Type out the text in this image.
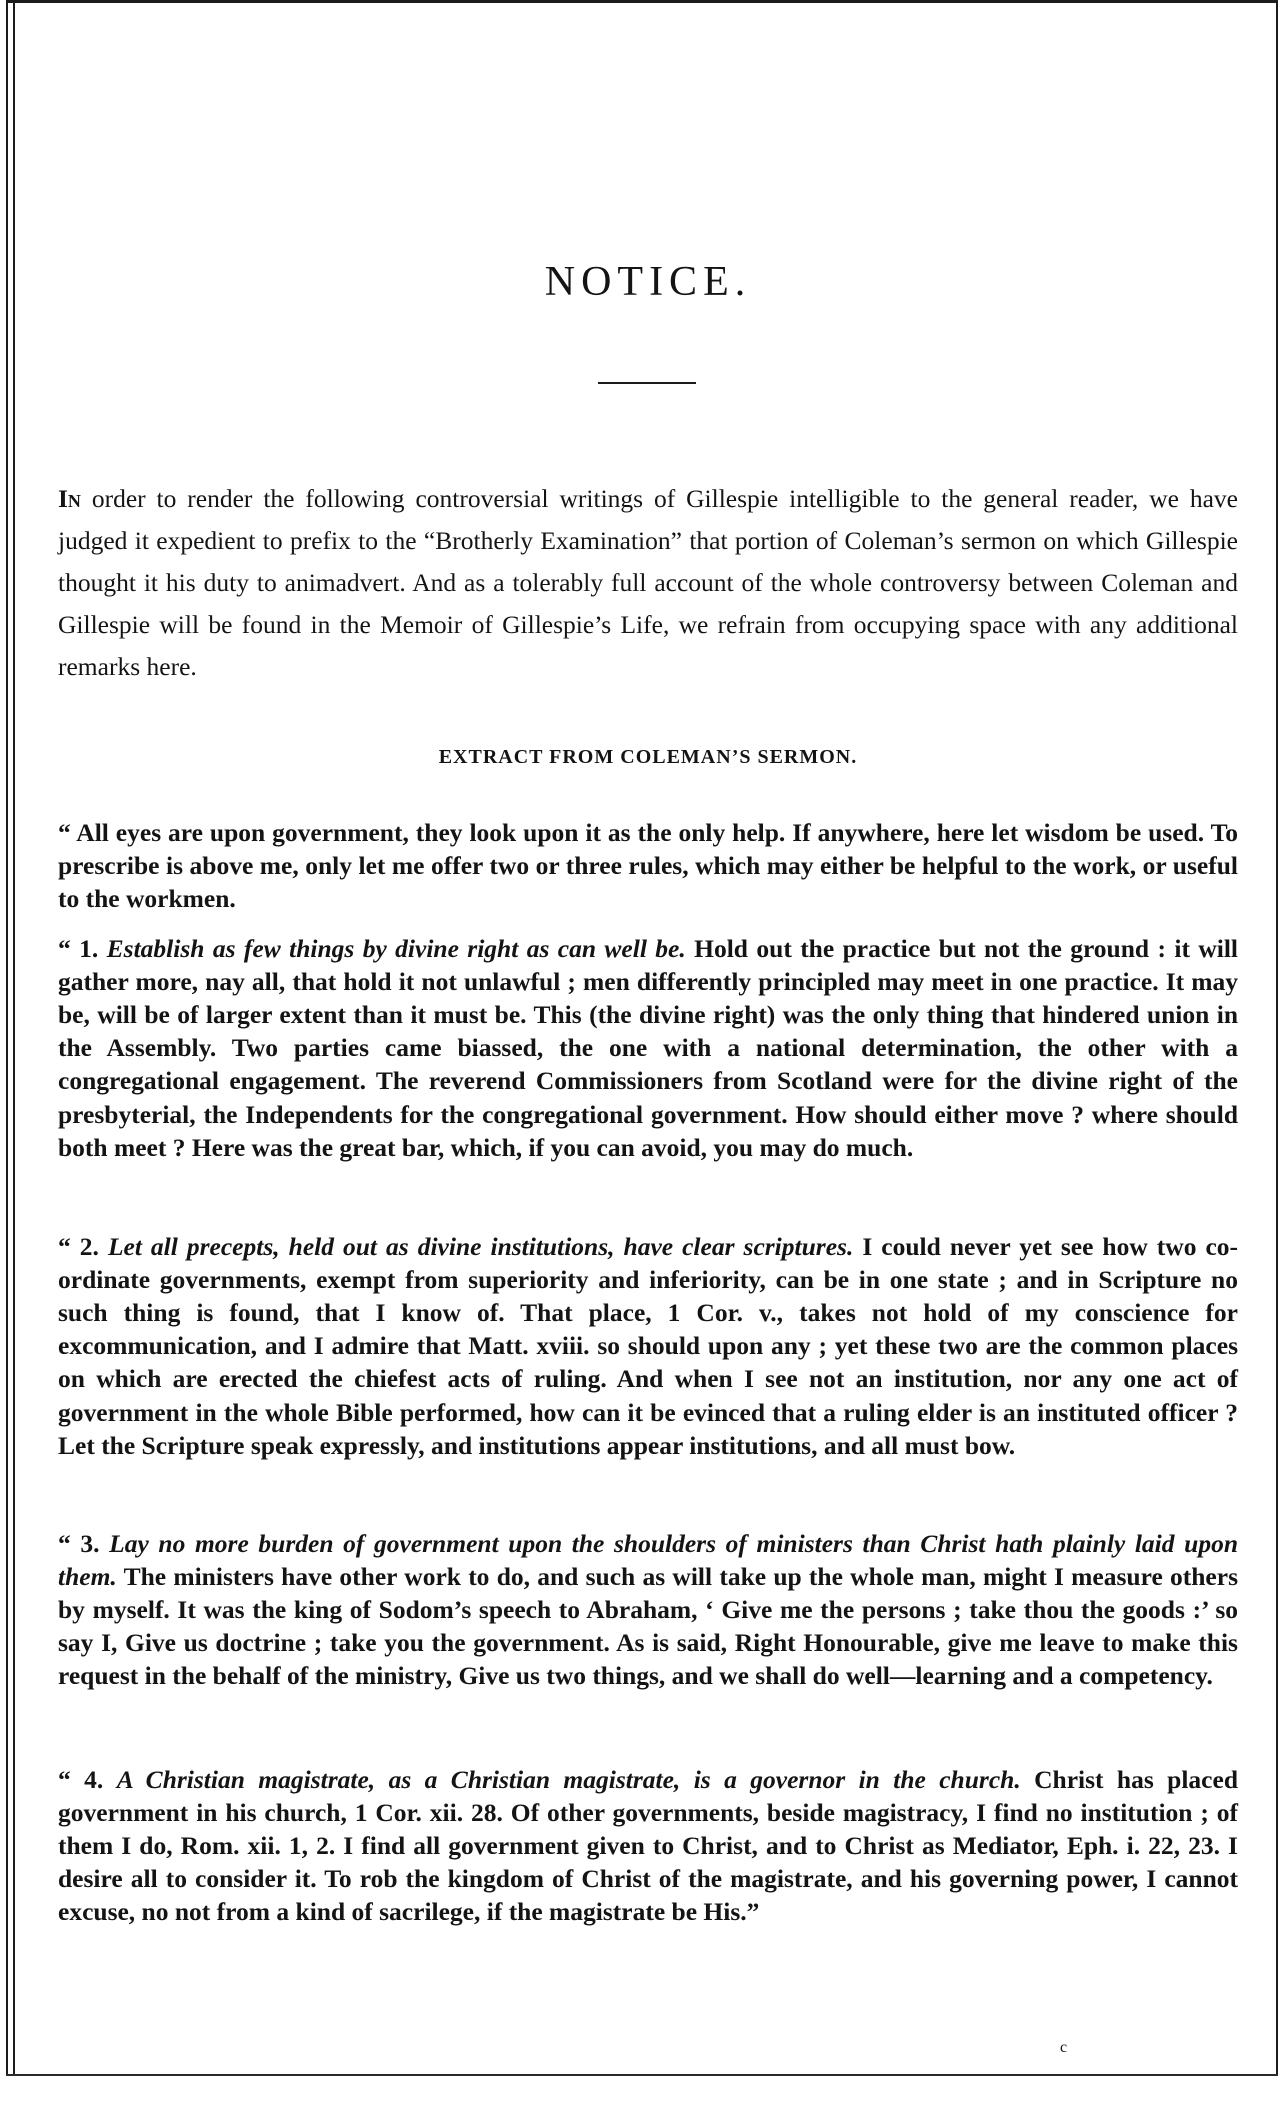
NOTICE.

In order to render the following controversial writings of Gillespie intelligible to the general reader, we have judged it expedient to prefix to the “Brotherly Examination” that portion of Coleman’s sermon on which Gillespie thought it his duty to animadvert. And as a tolerably full account of the whole controversy between Coleman and Gillespie will be found in the Memoir of Gillespie’s Life, we refrain from occupying space with any additional remarks here.

EXTRACT FROM COLEMAN’S SERMON.

“ All eyes are upon government, they look upon it as the only help. If anywhere, here let wisdom be used. To prescribe is above me, only let me offer two or three rules, which may either be helpful to the work, or useful to the workmen.

“ 1. Establish as few things by divine right as can well be. Hold out the practice but not the ground : it will gather more, nay all, that hold it not unlawful ; men differently principled may meet in one practice. It may be, will be of larger extent than it must be. This (the divine right) was the only thing that hindered union in the Assembly. Two parties came biassed, the one with a national determination, the other with a congregational engagement. The reverend Commissioners from Scotland were for the divine right of the presbyterial, the Independents for the congregational government. How should either move ? where should both meet ? Here was the great bar, which, if you can avoid, you may do much.

“ 2. Let all precepts, held out as divine institutions, have clear scriptures. I could never yet see how two co-ordinate governments, exempt from superiority and inferiority, can be in one state ; and in Scripture no such thing is found, that I know of. That place, 1 Cor. v., takes not hold of my conscience for excommunication, and I admire that Matt. xviii. so should upon any ; yet these two are the common places on which are erected the chiefest acts of ruling. And when I see not an institution, nor any one act of government in the whole Bible performed, how can it be evinced that a ruling elder is an instituted officer ? Let the Scripture speak expressly, and institutions appear institutions, and all must bow.

“ 3. Lay no more burden of government upon the shoulders of ministers than Christ hath plainly laid upon them. The ministers have other work to do, and such as will take up the whole man, might I measure others by myself. It was the king of Sodom’s speech to Abraham, ‘ Give me the persons ; take thou the goods :’ so say I, Give us doctrine ; take you the government. As is said, Right Honourable, give me leave to make this request in the behalf of the ministry, Give us two things, and we shall do well—learning and a competency.

“ 4. A Christian magistrate, as a Christian magistrate, is a governor in the church. Christ has placed government in his church, 1 Cor. xii. 28. Of other governments, beside magistracy, I find no institution ; of them I do, Rom. xii. 1, 2. I find all government given to Christ, and to Christ as Mediator, Eph. i. 22, 23. I desire all to consider it. To rob the kingdom of Christ of the magistrate, and his governing power, I cannot excuse, no not from a kind of sacrilege, if the magistrate be His.”

c
